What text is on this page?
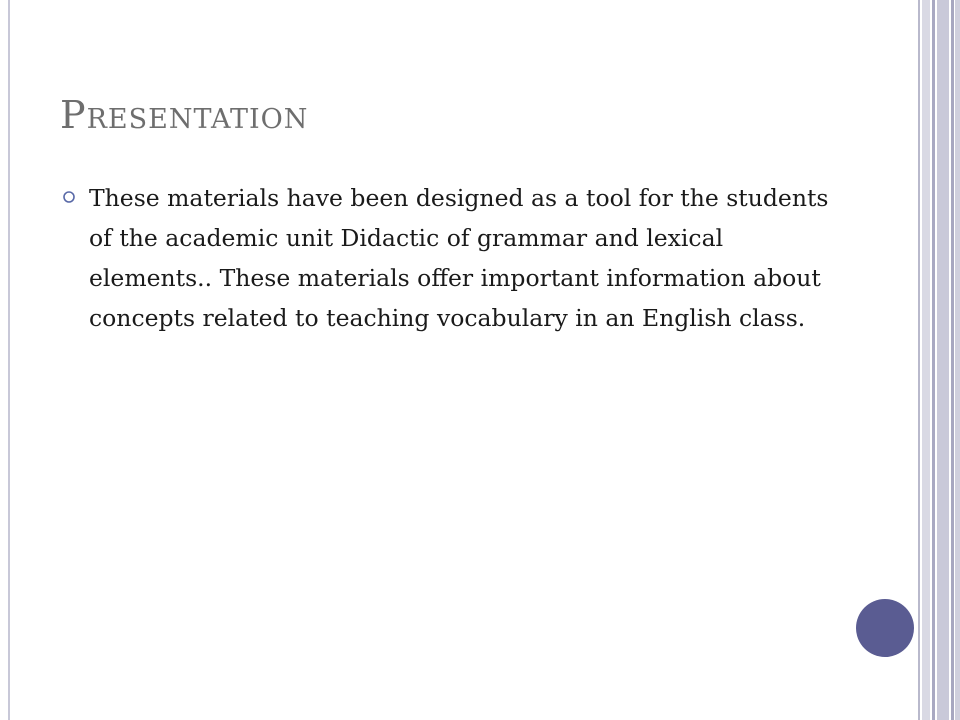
Presentation
These materials have been designed as a tool for the students of the academic unit Didactic of grammar and lexical elements.. These materials offer important information about concepts related to teaching vocabulary in an English class.
